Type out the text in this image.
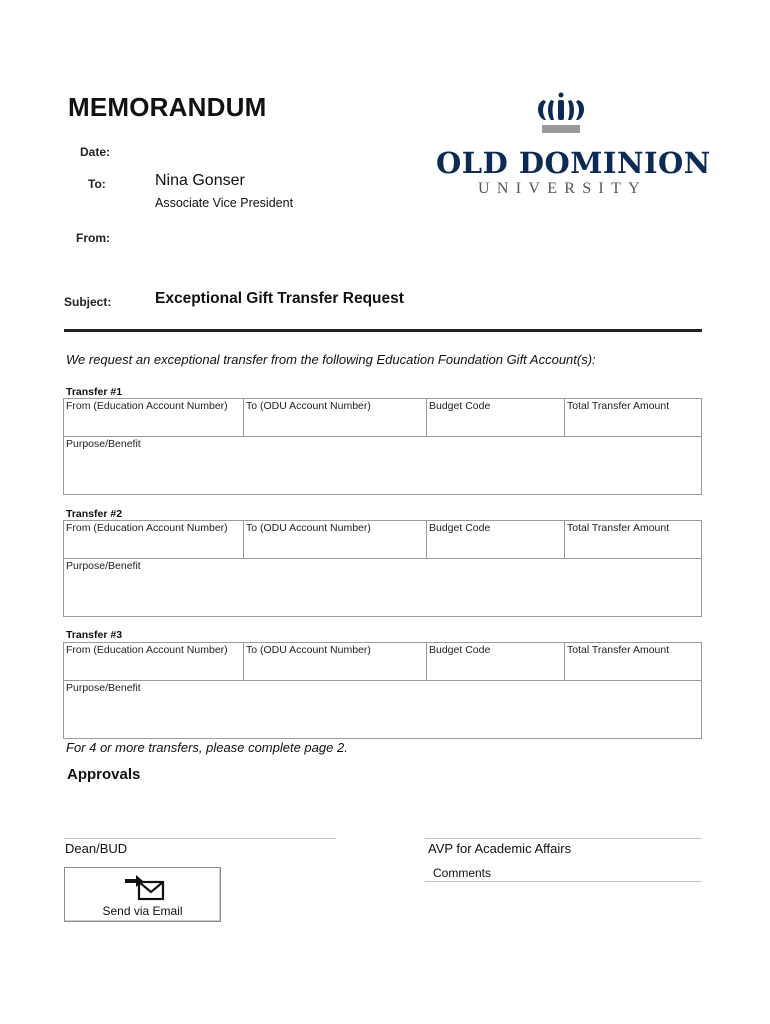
MEMORANDUM
Date:
To:	Nina Gonser
Associate Vice President
From:
Subject:	Exceptional Gift Transfer Request
OLD DOMINION
UNIVERSITY
We request an exceptional transfer from the following Education Foundation Gift Account(s):
Transfer #1
From (Education Account Number)	To (ODU Account Number)	Budget Code	Total Transfer Amount
Purpose/Benefit
Transfer #2
From (Education Account Number)	To (ODU Account Number)	Budget Code	Total Transfer Amount
Purpose/Benefit
Transfer #3
From (Education Account Number)	To (ODU Account Number)	Budget Code	Total Transfer Amount
Purpose/Benefit
For 4 or more transfers, please complete page 2.
Approvals
Dean/BUD	AVP for Academic Affairs
Comments
Send via Email
